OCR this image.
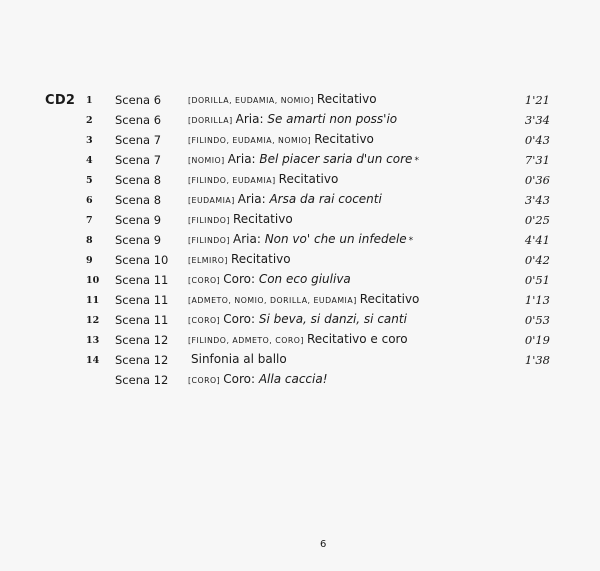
CD2 1 Scena 6	[DORILLA, EUDAMIA, NOMIO] Recitativo	1'21
2 Scena 6	[DORILLA] Aria: Se amarti non poss'io	3'34
3 Scena 7	[FILINDO, EUDAMIA, NOMIO] Recitativo	0'43
4 Scena 7	[NOMIO] Aria: Bel piacer saria d'un core *	7'31
5 Scena 8	[FILINDO, EUDAMIA] Recitativo	0'36
6 Scena 8	[EUDAMIA] Aria: Arsa da rai cocenti	3'43
7 Scena 9	[FILINDO] Recitativo	0'25
8 Scena 9	[FILINDO] Aria: Non vo' che un infedele *	4'41
9 Scena 10	[ELMIRO] Recitativo	0'42
10 Scena 11	[CORO] Coro: Con eco giuliva	0'51
11 Scena 11	[ADMETO, NOMIO, DORILLA, EUDAMIA] Recitativo	1'13
12 Scena 11	[CORO] Coro: Si beva, si danzi, si canti	0'53
13 Scena 12	[FILINDO, ADMETO, CORO] Recitativo e coro	0'19
14 Scena 12 Sinfonia al ballo	1'38
Scena 12	[CORO] Coro: Alla caccia!
6
